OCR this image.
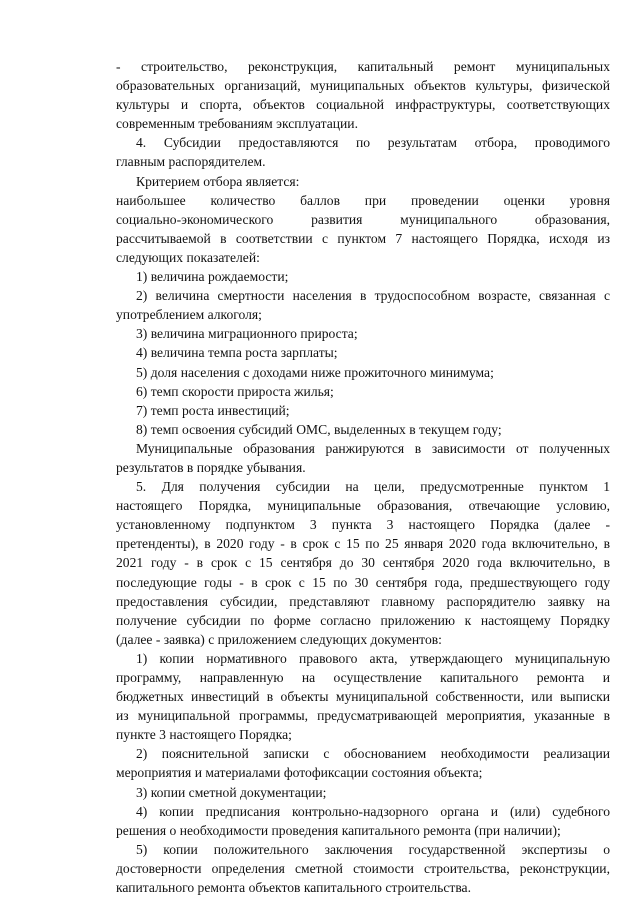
- строительство, реконструкция, капитальный ремонт муниципальных
образовательных организаций, муниципальных объектов культуры, физической
культуры и спорта, объектов социальной инфраструктуры, соответствующих
современным требованиям эксплуатации.
4. Субсидии предоставляются по результатам отбора, проводимого
главным распорядителем.
Критерием отбора является:
наибольшее количество баллов при проведении оценки уровня
социально-экономического развития муниципального образования,
рассчитываемой в соответствии с пунктом 7 настоящего Порядка, исходя из
следующих показателей:
1) величина рождаемости;
2) величина смертности населения в трудоспособном возрасте, связанная с
употреблением алкоголя;
3) величина миграционного прироста;
4) величина темпа роста зарплаты;
5) доля населения с доходами ниже прожиточного минимума;
6) темп скорости прироста жилья;
7) темп роста инвестиций;
8) темп освоения субсидий ОМС, выделенных в текущем году;
Муниципальные образования ранжируются в зависимости от полученных
результатов в порядке убывания.
5. Для получения субсидии на цели, предусмотренные пунктом 1
настоящего Порядка, муниципальные образования, отвечающие условию,
установленному подпунктом 3 пункта 3 настоящего Порядка (далее -
претенденты), в 2020 году - в срок с 15 по 25 января 2020 года включительно, в
2021 году - в срок с 15 сентября до 30 сентября 2020 года включительно, в
последующие годы - в срок с 15 по 30 сентября года, предшествующего году
предоставления субсидии, представляют главному распорядителю заявку на
получение субсидии по форме согласно приложению к настоящему Порядку
(далее - заявка) с приложением следующих документов:
1) копии нормативного правового акта, утверждающего муниципальную
программу, направленную на осуществление капитального ремонта и
бюджетных инвестиций в объекты муниципальной собственности, или выписки
из муниципальной программы, предусматривающей мероприятия, указанные в
пункте 3 настоящего Порядка;
2) пояснительной записки с обоснованием необходимости реализации
мероприятия и материалами фотофиксации состояния объекта;
3) копии сметной документации;
4) копии предписания контрольно-надзорного органа и (или) судебного
решения о необходимости проведения капитального ремонта (при наличии);
5) копии положительного заключения государственной экспертизы о
достоверности определения сметной стоимости строительства, реконструкции,
капитального ремонта объектов капитального строительства.
